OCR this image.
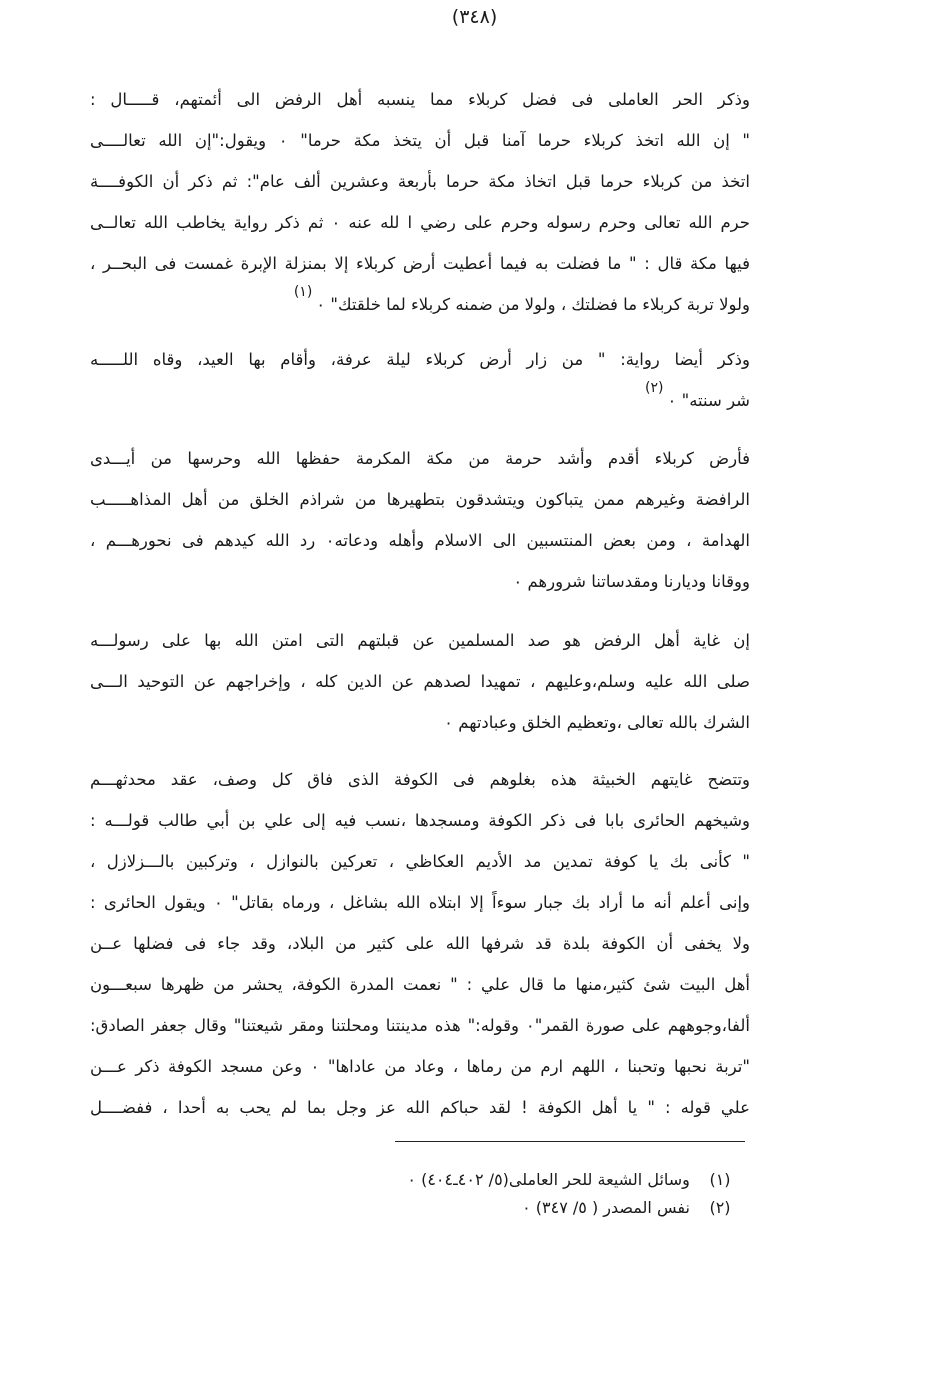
(٣٤٨)
وذكر الحر العاملى فى فضل كربلاء مما ينسبه أهل الرفض الى أئمتهم، قـــــال :
" إن الله اتخذ كربلاء حرما آمنا قبل أن يتخذ مكة حرما" ٠ ويقول:"إن الله تعالــــى
اتخذ من كربلاء حرما قبل اتخاذ مكة حرما بأربعة وعشرين ألف عام": ثم ذكر أن الكوفــــة
حرم الله تعالى وحرم رسوله وحرم على رضي ا لله عنه ٠ ثم ذكر رواية يخاطب الله تعالــى
فيها مكة قال : " ما فضلت به فيما أعطيت أرض كربلاء إلا بمنزلة الإبرة غمست فى البحــر ،
ولولا تربة كربلاء ما فضلتك ، ولولا من ضمنه كربلاء لما خلقتك" ٠$^{(١)}$
وذكر أيضا رواية: " من زار أرض كربلاء ليلة عرفة، وأقام بها العيد، وقاه اللـــــه
شر سنته" ٠$^{(٢)}$
فأرض كربلاء أقدم وأشد حرمة من مكة المكرمة حفظها الله وحرسها من أيـــدى
الرافضة وغيرهم ممن يتباكون ويتشدقون بتطهيرها من شراذم الخلق من أهل المذاهـــــب
الهدامة ، ومن بعض المنتسبين الى الاسلام وأهله ودعاته٠ رد الله كيدهم فى نحورهـــم ،
ووقانا وديارنا ومقدساتنا شرورهم ٠
إن غاية أهل الرفض هو صد المسلمين عن قبلتهم التى امتن الله بها على رسولـــه
صلى الله عليه وسلم،وعليهم ، تمهيدا لصدهم عن الدين كله ، وإخراجهم عن التوحيد الـــى
الشرك بالله تعالى ،وتعظيم الخلق وعبادتهم ٠
وتتضح غايتهم الخبيثة هذه بغلوهم فى الكوفة الذى فاق كل وصف، عقد محدثهـــم
وشيخهم الحائرى بابا فى ذكر الكوفة ومسجدها ،نسب فيه إلى علي بن أبي طالب قولـــه :
" كأنى بك يا كوفة تمدين مد الأديم العكاظي ، تعركين بالنوازل ، وتركبين بالـــزلازل ،
وإنى أعلم أنه ما أراد بك جبار سوءاً إلا ابتلاه الله بشاغل ، ورماه بقاتل" ٠ ويقول الحائرى :
ولا يخفى أن الكوفة بلدة قد شرفها الله على كثير من البلاد، وقد جاء فى فضلها عــن
أهل البيت شئ كثير،منها ما قال علي : " نعمت المدرة الكوفة، يحشر من ظهرها سبعـــون
ألفا،وجوههم على صورة القمر"٠ وقوله:" هذه مدينتنا ومحلتنا ومقر شيعتنا" وقال جعفر الصادق:
"تربة نحبها وتحبنا ، اللهم ارم من رماها ، وعاد من عاداها" ٠ وعن مسجد الكوفة ذكر عـــن
علي قوله : " يا أهل الكوفة ! لقد حباكم الله عز وجل بما لم يحب به أحدا ، ففضــــل
(١) وسائل الشيعة للحر العاملى(٥/ ٤٠٢ـ٤٠٤) ٠
(٢) نفس المصدر ( ٥/ ٣٤٧) ٠
